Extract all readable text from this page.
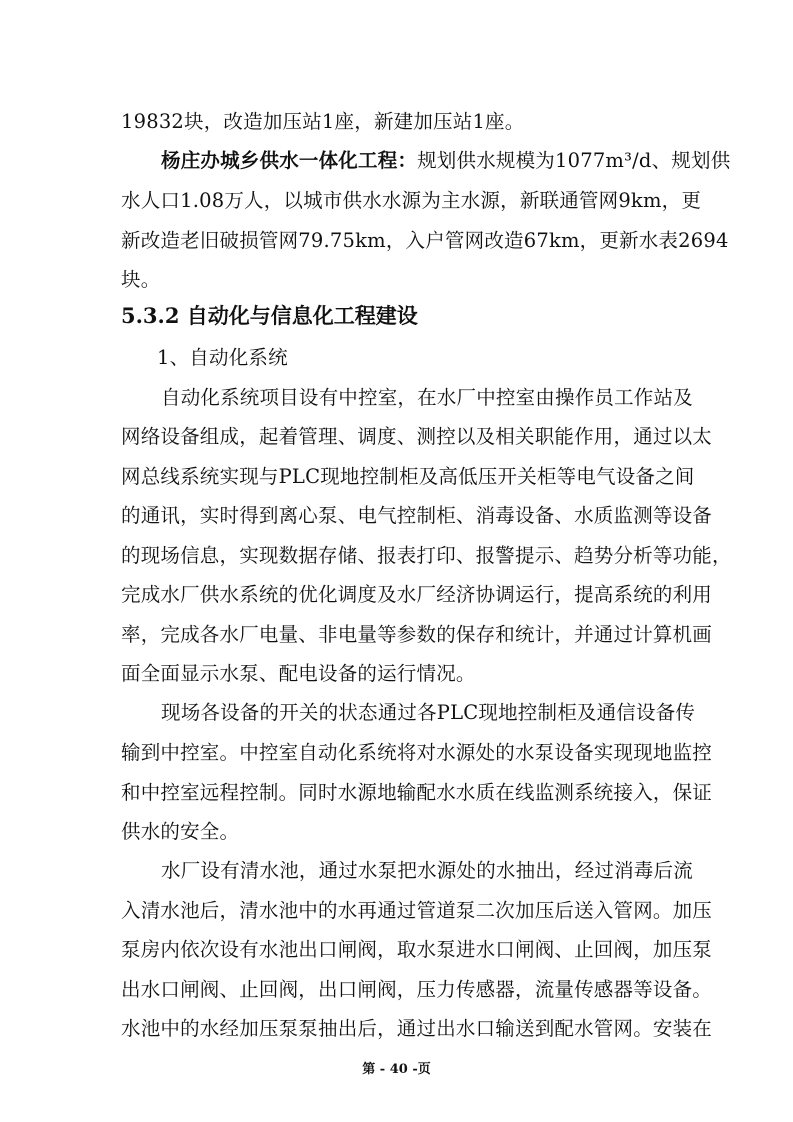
19832块，改造加压站1座，新建加压站1座。
杨庄办城乡供水一体化工程：规划供水规模为1077m³/d、规划供
水人口1.08万人，以城市供水水源为主水源，新联通管网9km，更
新改造老旧破损管网79.75km，入户管网改造67km，更新水表2694
块。
5.3.2 自动化与信息化工程建设
1、自动化系统
自动化系统项目设有中控室，在水厂中控室由操作员工作站及
网络设备组成，起着管理、调度、测控以及相关职能作用，通过以太
网总线系统实现与PLC现地控制柜及高低压开关柜等电气设备之间
的通讯，实时得到离心泵、电气控制柜、消毒设备、水质监测等设备
的现场信息，实现数据存储、报表打印、报警提示、趋势分析等功能，
完成水厂供水系统的优化调度及水厂经济协调运行，提高系统的利用
率，完成各水厂电量、非电量等参数的保存和统计，并通过计算机画
面全面显示水泵、配电设备的运行情况。
现场各设备的开关的状态通过各PLC现地控制柜及通信设备传
输到中控室。中控室自动化系统将对水源处的水泵设备实现现地监控
和中控室远程控制。同时水源地输配水水质在线监测系统接入，保证
供水的安全。
水厂设有清水池，通过水泵把水源处的水抽出，经过消毒后流
入清水池后，清水池中的水再通过管道泵二次加压后送入管网。加压
泵房内依次设有水池出口闸阀，取水泵进水口闸阀、止回阀，加压泵
出水口闸阀、止回阀，出口闸阀，压力传感器，流量传感器等设备。
第 - 40 -页
水池中的水经加压泵泵抽出后，通过出水口输送到配水管网。安装在
